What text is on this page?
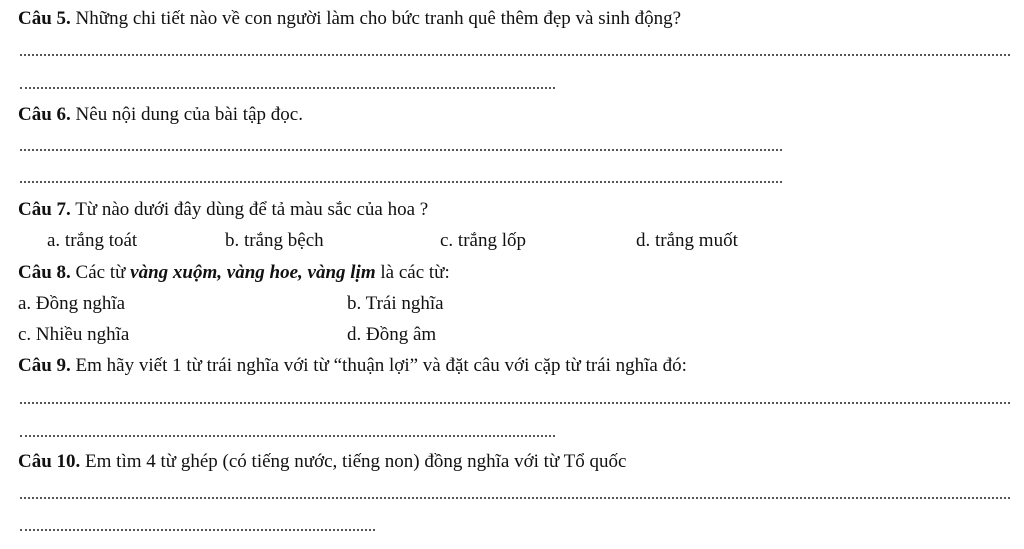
Câu 5. Những chi tiết nào về con người làm cho bức tranh quê thêm đẹp và sinh động?
Câu 6. Nêu nội dung của bài tập đọc.
Câu 7. Từ nào dưới đây dùng để tả màu sắc của hoa ?
a. trắng toát	b. trắng bệch	c. trắng lốp	d. trắng muốt
Câu 8. Các từ vàng xuộm, vàng hoe, vàng lịm là các từ:
a. Đồng nghĩa	b. Trái nghĩa
c. Nhiều nghĩa	d. Đồng âm
Câu 9. Em hãy viết 1 từ trái nghĩa với từ “thuận lợi” và đặt câu với cặp từ trái nghĩa đó:
Câu 10. Em tìm 4 từ ghép (có tiếng nước, tiếng non) đồng nghĩa với từ Tổ quốc
